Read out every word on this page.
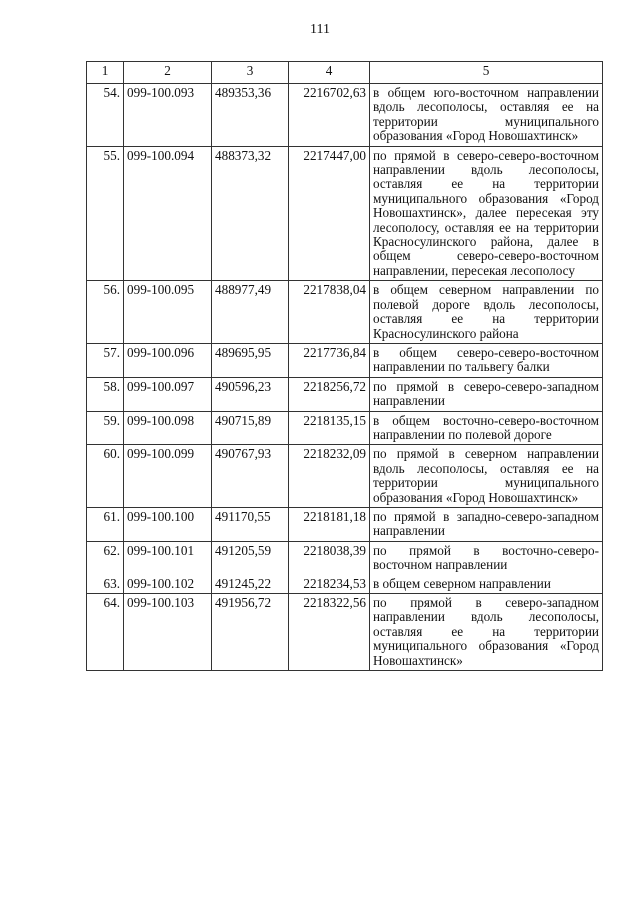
111
1	2	3	4	5
54.	099-100.093	489353,36	2216702,63	в общем юго-восточном направлении вдоль лесополосы, оставляя ее на территории муниципального образования «Город Новошахтинск»
55.	099-100.094	488373,32	2217447,00	по прямой в северо-северо-восточном направлении вдоль лесополосы, оставляя ее на территории муниципального образования «Город Новошахтинск», далее пересекая эту лесополосу, оставляя ее на территории Красносулинского района, далее в общем северо-северо-восточном направлении, пересекая лесополосу
56.	099-100.095	488977,49	2217838,04	в общем северном направлении по полевой дороге вдоль лесополосы, оставляя ее на территории Красносулинского района
57.	099-100.096	489695,95	2217736,84	в общем северо-северо-восточном направлении по тальвегу балки
58.	099-100.097	490596,23	2218256,72	по прямой в северо-северо-западном направлении
59.	099-100.098	490715,89	2218135,15	в общем восточно-северо-восточном направлении по полевой дороге
60.	099-100.099	490767,93	2218232,09	по прямой в северном направлении вдоль лесополосы, оставляя ее на территории муниципального образования «Город Новошахтинск»
61.	099-100.100	491170,55	2218181,18	по прямой в западно-северо-западном направлении
62.	099-100.101	491205,59	2218038,39	по прямой в восточно-северо-восточном направлении
63.	099-100.102	491245,22	2218234,53	в общем северном направлении
64.	099-100.103	491956,72	2218322,56	по прямой в северо-западном направлении вдоль лесополосы, оставляя ее на территории муниципального образования «Город Новошахтинск»
